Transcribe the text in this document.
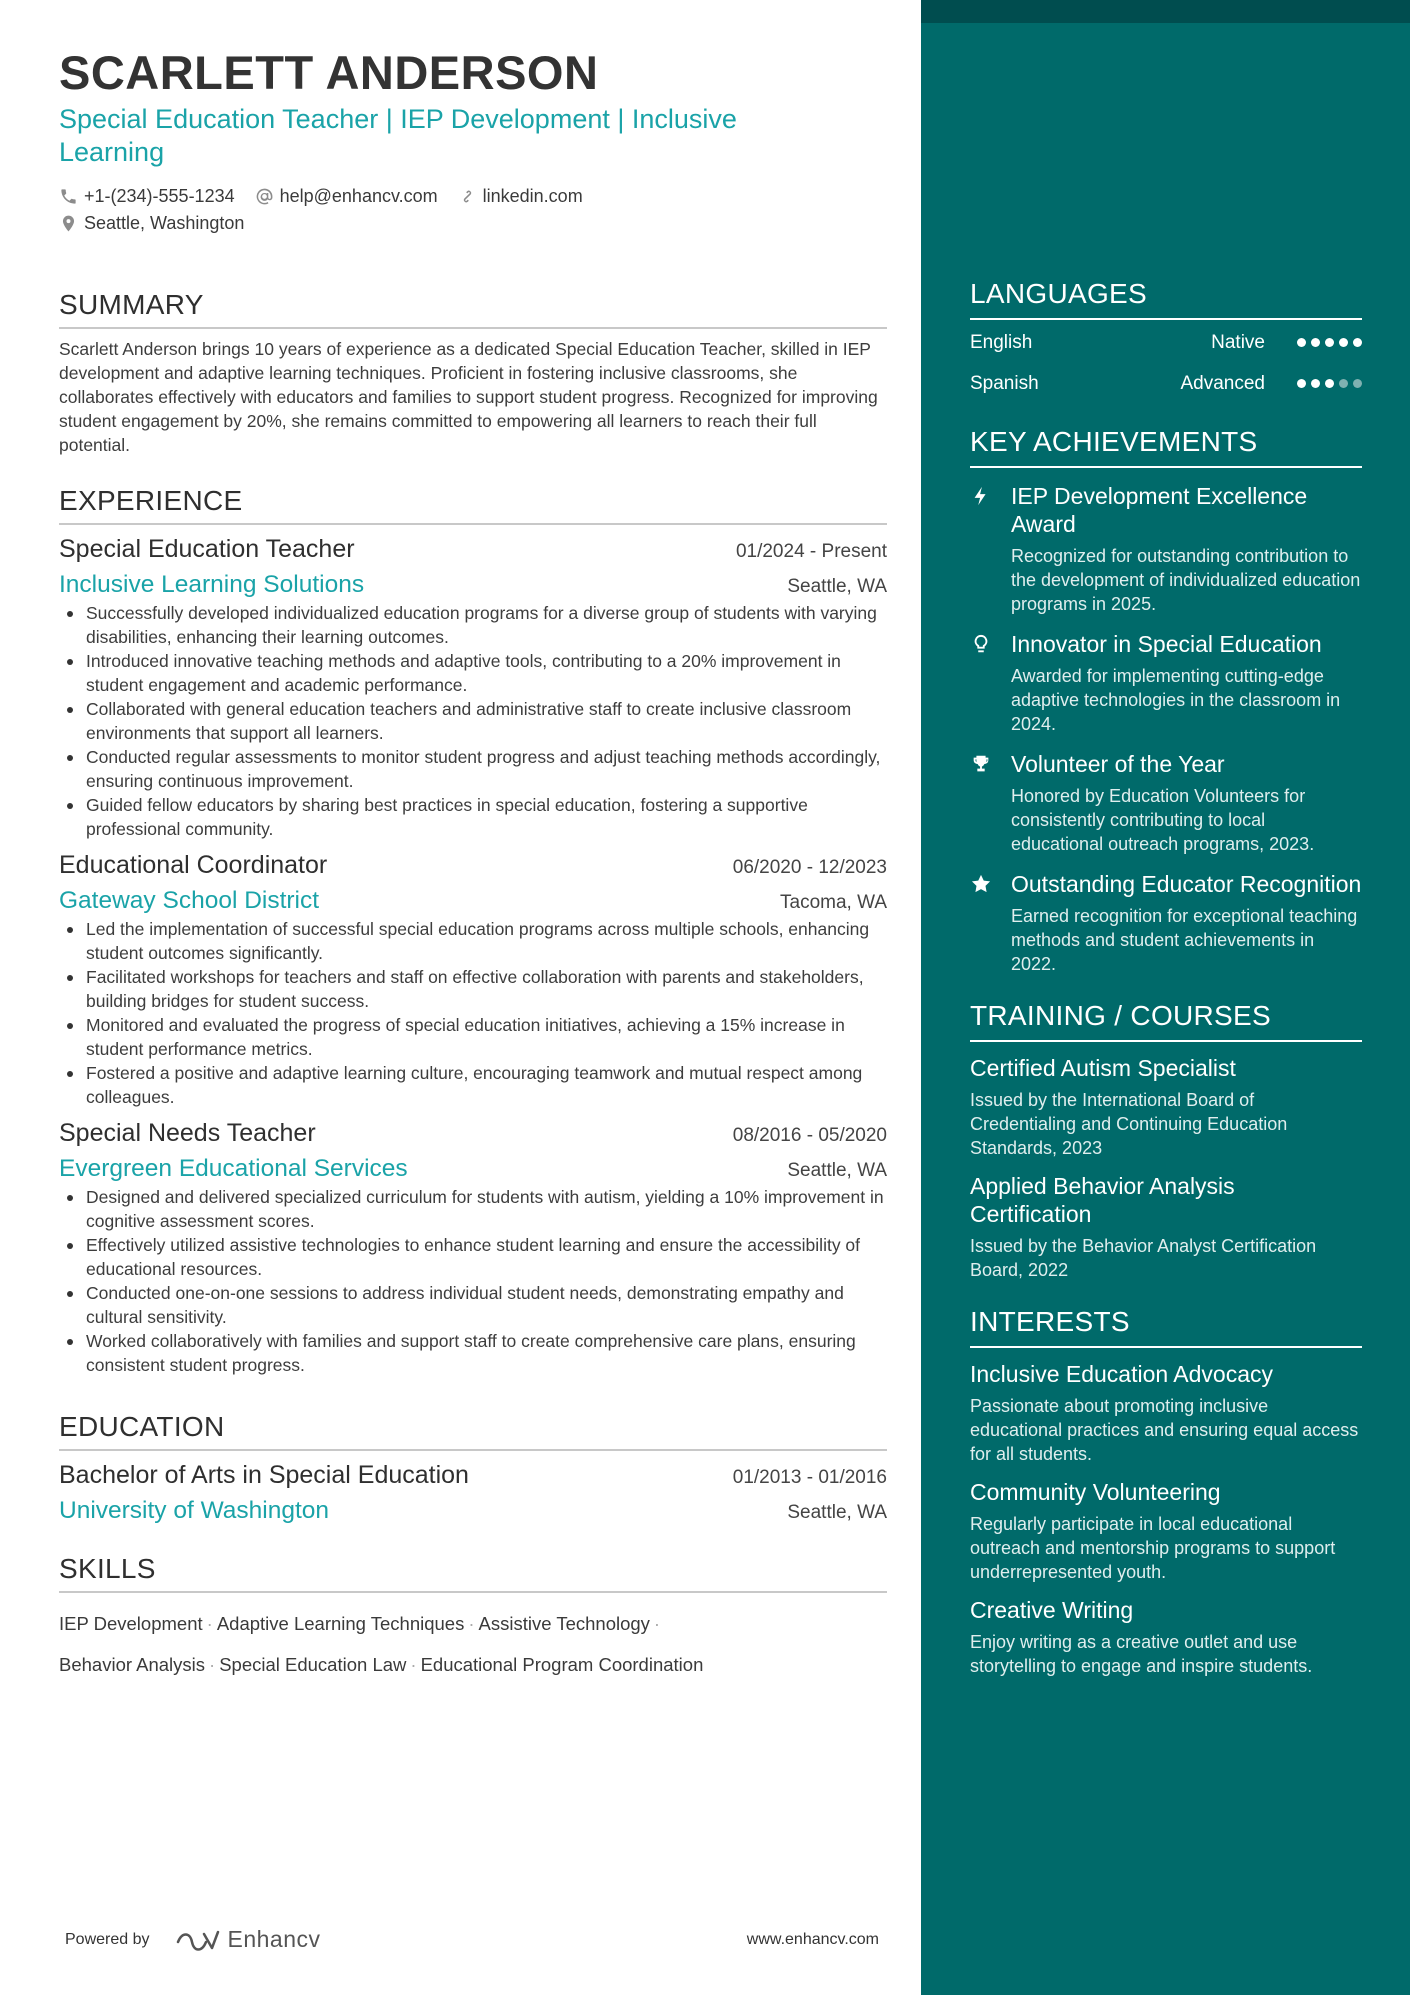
SCARLETT ANDERSON
Special Education Teacher | IEP Development | Inclusive Learning
+1-(234)-555-1234	help@enhancv.com	linkedin.com
Seattle, Washington
SUMMARY

Scarlett Anderson brings 10 years of experience as a dedicated Special Education Teacher, skilled in IEP development and adaptive learning techniques. Proficient in fostering inclusive classrooms, she collaborates effectively with educators and families to support student progress. Recognized for improving student engagement by 20%, she remains committed to empowering all learners to reach their full potential.

EXPERIENCE
Special Education Teacher	01/2024 - Present
Inclusive Learning Solutions	Seattle, WA
Successfully developed individualized education programs for a diverse group of students with varying disabilities, enhancing their learning outcomes.
Introduced innovative teaching methods and adaptive tools, contributing to a 20% improvement in student engagement and academic performance.
Collaborated with general education teachers and administrative staff to create inclusive classroom environments that support all learners.
Conducted regular assessments to monitor student progress and adjust teaching methods accordingly, ensuring continuous improvement.
Guided fellow educators by sharing best practices in special education, fostering a supportive professional community.
Educational Coordinator	06/2020 - 12/2023
Gateway School District	Tacoma, WA
Led the implementation of successful special education programs across multiple schools, enhancing student outcomes significantly.
Facilitated workshops for teachers and staff on effective collaboration with parents and stakeholders, building bridges for student success.
Monitored and evaluated the progress of special education initiatives, achieving a 15% increase in student performance metrics.
Fostered a positive and adaptive learning culture, encouraging teamwork and mutual respect among colleagues.
Special Needs Teacher	08/2016 - 05/2020
Evergreen Educational Services	Seattle, WA
Designed and delivered specialized curriculum for students with autism, yielding a 10% improvement in cognitive assessment scores.
Effectively utilized assistive technologies to enhance student learning and ensure the accessibility of educational resources.
Conducted one-on-one sessions to address individual student needs, demonstrating empathy and cultural sensitivity.
Worked collaboratively with families and support staff to create comprehensive care plans, ensuring consistent student progress.
EDUCATION
Bachelor of Arts in Special Education	01/2013 - 01/2016
University of Washington	Seattle, WA
SKILLS
IEP Development · Adaptive Learning Techniques · Assistive Technology ·
Behavior Analysis · Special Education Law · Educational Program Coordination
Powered by	Enhancv	www.enhancv.com
LANGUAGES
English	Native
Spanish	Advanced
KEY ACHIEVEMENTS
IEP Development Excellence Award
Recognized for outstanding contribution to the development of individualized education programs in 2025.
Innovator in Special Education
Awarded for implementing cutting-edge adaptive technologies in the classroom in 2024.
Volunteer of the Year
Honored by Education Volunteers for consistently contributing to local educational outreach programs, 2023.
Outstanding Educator Recognition
Earned recognition for exceptional teaching methods and student achievements in 2022.
TRAINING / COURSES
Certified Autism Specialist
Issued by the International Board of Credentialing and Continuing Education Standards, 2023
Applied Behavior Analysis Certification
Issued by the Behavior Analyst Certification Board, 2022
INTERESTS
Inclusive Education Advocacy
Passionate about promoting inclusive educational practices and ensuring equal access for all students.
Community Volunteering
Regularly participate in local educational outreach and mentorship programs to support underrepresented youth.
Creative Writing
Enjoy writing as a creative outlet and use storytelling to engage and inspire students.
